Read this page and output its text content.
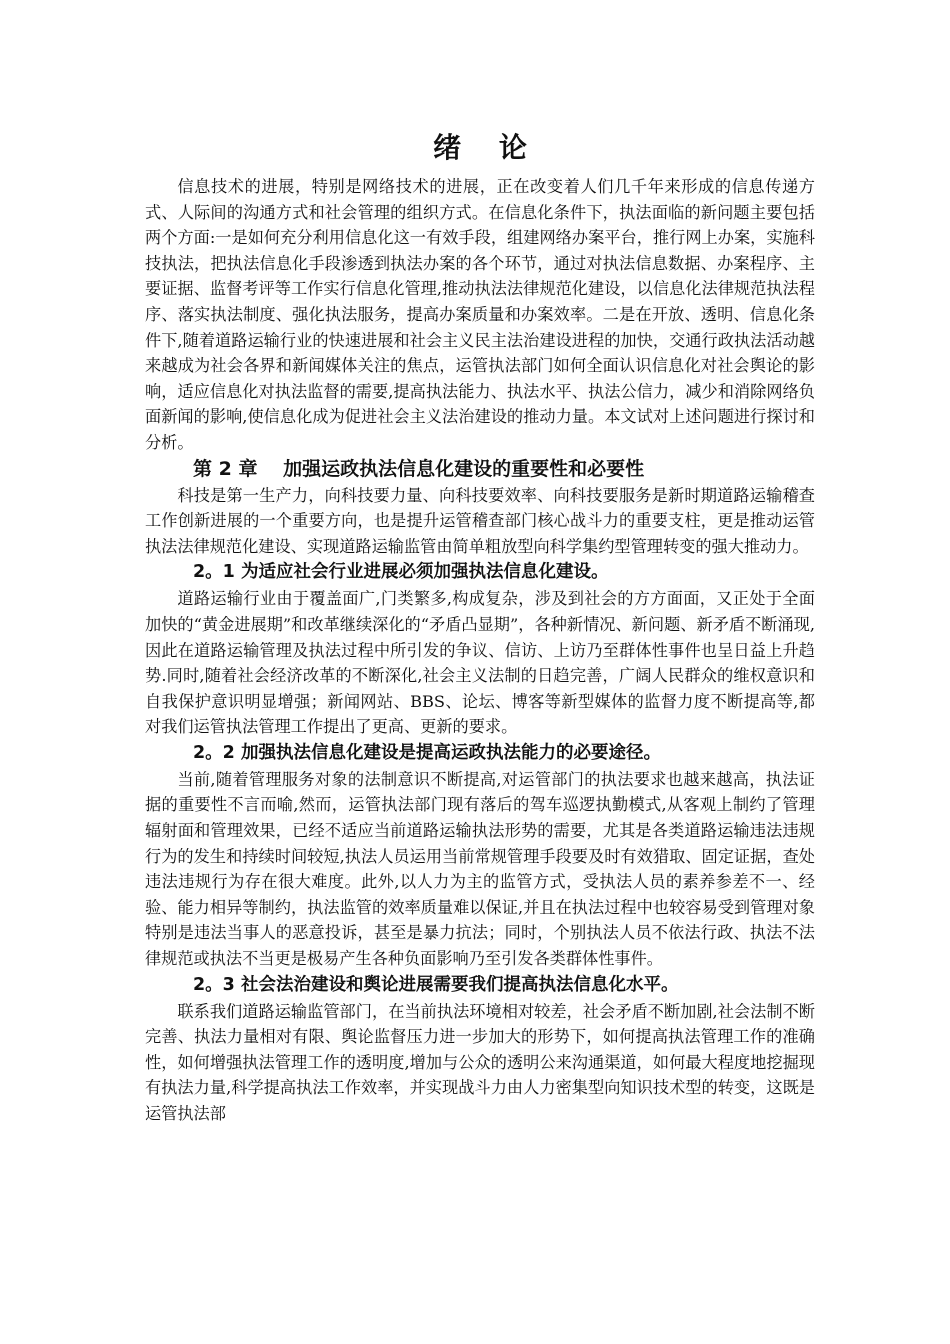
绪 论

信息技术的进展，特别是网络技术的进展，正在改变着人们几千年来形成的信息传递方式、人际间的沟通方式和社会管理的组织方式。在信息化条件下，执法面临的新问题主要包括两个方面:一是如何充分利用信息化这一有效手段，组建网络办案平台，推行网上办案，实施科技执法，把执法信息化手段渗透到执法办案的各个环节，通过对执法信息数据、办案程序、主要证据、监督考评等工作实行信息化管理,推动执法法律规范化建设，以信息化法律规范执法程序、落实执法制度、强化执法服务，提高办案质量和办案效率。二是在开放、透明、信息化条件下,随着道路运输行业的快速进展和社会主义民主法治建设进程的加快，交通行政执法活动越来越成为社会各界和新闻媒体关注的焦点，运管执法部门如何全面认识信息化对社会舆论的影响，适应信息化对执法监督的需要,提高执法能力、执法水平、执法公信力，减少和消除网络负面新闻的影响,使信息化成为促进社会主义法治建设的推动力量。本文试对上述问题进行探讨和分析。

第 2 章　 加强运政执法信息化建设的重要性和必要性

科技是第一生产力，向科技要力量、向科技要效率、向科技要服务是新时期道路运输稽查工作创新进展的一个重要方向，也是提升运管稽查部门核心战斗力的重要支柱，更是推动运管执法法律规范化建设、实现道路运输监管由简单粗放型向科学集约型管理转变的强大推动力。

2。1 为适应社会行业进展必须加强执法信息化建设。

道路运输行业由于覆盖面广,门类繁多,构成复杂，涉及到社会的方方面面，又正处于全面加快的“黄金进展期”和改革继续深化的“矛盾凸显期”，各种新情况、新问题、新矛盾不断涌现,因此在道路运输管理及执法过程中所引发的争议、信访、上访乃至群体性事件也呈日益上升趋势.同时,随着社会经济改革的不断深化,社会主义法制的日趋完善，广阔人民群众的维权意识和自我保护意识明显增强；新闻网站、BBS、论坛、博客等新型媒体的监督力度不断提高等,都对我们运管执法管理工作提出了更高、更新的要求。

2。2 加强执法信息化建设是提高运政执法能力的必要途径。

当前,随着管理服务对象的法制意识不断提高,对运管部门的执法要求也越来越高，执法证据的重要性不言而喻,然而，运管执法部门现有落后的驾车巡逻执勤模式,从客观上制约了管理辐射面和管理效果，已经不适应当前道路运输执法形势的需要，尤其是各类道路运输违法违规行为的发生和持续时间较短,执法人员运用当前常规管理手段要及时有效猎取、固定证据，查处违法违规行为存在很大难度。此外,以人力为主的监管方式，受执法人员的素养参差不一、经验、能力相异等制约，执法监管的效率质量难以保证,并且在执法过程中也较容易受到管理对象特别是违法当事人的恶意投诉，甚至是暴力抗法；同时，个别执法人员不依法行政、执法不法律规范或执法不当更是极易产生各种负面影响乃至引发各类群体性事件。

2。3 社会法治建设和舆论进展需要我们提高执法信息化水平。

联系我们道路运输监管部门，在当前执法环境相对较差，社会矛盾不断加剧,社会法制不断完善、执法力量相对有限、舆论监督压力进一步加大的形势下，如何提高执法管理工作的准确性，如何增强执法管理工作的透明度,增加与公众的透明公来沟通渠道，如何最大程度地挖掘现有执法力量,科学提高执法工作效率，并实现战斗力由人力密集型向知识技术型的转变，这既是运管执法部
